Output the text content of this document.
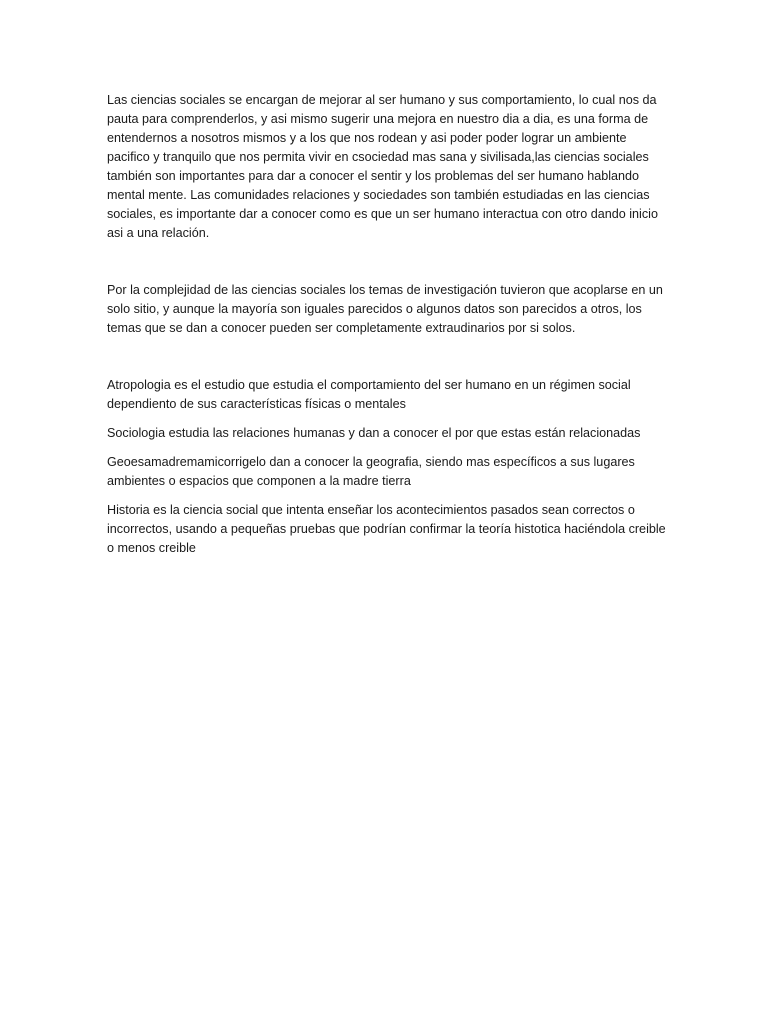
Las ciencias sociales se encargan de mejorar al ser humano y sus comportamiento, lo cual nos da pauta para comprenderlos, y asi mismo sugerir una mejora en nuestro dia a dia, es una forma de entendernos a nosotros mismos y a los que nos rodean y asi poder poder lograr un ambiente pacifico y tranquilo que nos permita vivir en csociedad mas sana y sivilisada,las ciencias sociales también son importantes para dar a conocer el sentir y los problemas del ser humano hablando mental mente. Las comunidades relaciones y sociedades son también estudiadas en las ciencias sociales, es importante dar a conocer como es que un ser humano interactua con otro dando inicio asi a una relación.

Por la complejidad de las ciencias sociales los temas de investigación tuvieron que acoplarse en un solo sitio, y aunque la mayoría son iguales parecidos o algunos datos son parecidos a otros, los temas que se dan a conocer pueden ser completamente extraudinarios por si solos.

Atropologia es el estudio que estudia el comportamiento del ser humano en un régimen social dependiento de sus características físicas o mentales

Sociologia estudia las relaciones humanas y dan a conocer el por que estas están relacionadas

Geoesamadremamicorrigelo dan a conocer la geografia, siendo mas específicos a sus lugares ambientes o espacios que componen a la madre tierra

Historia es la ciencia social que intenta enseñar los acontecimientos pasados sean correctos o incorrectos, usando a pequeñas pruebas que podrían confirmar la teoría histotica haciéndola creible o menos creible
